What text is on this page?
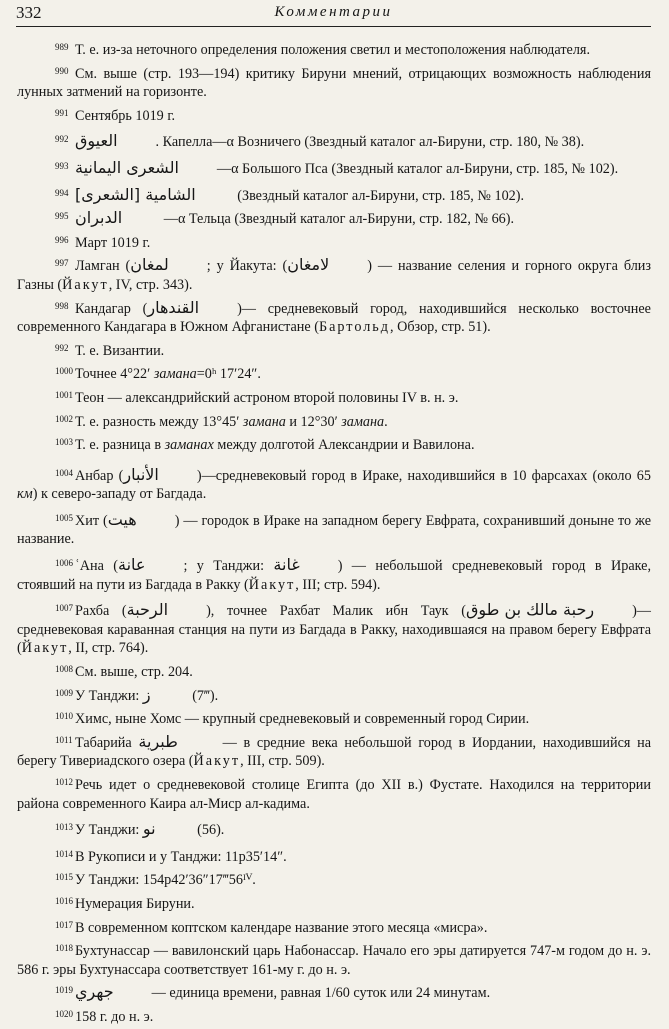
332	Комментарии

989 Т. е. из-за неточного определения положения светил и местоположения наблюдателя.

990 См. выше (стр. 193—194) критику Бируни мнений, отрицающих возможность наблюдения лунных затмений на горизонте.

991 Сентябрь 1019 г.

992 العيوق	. Капелла—α Возничего (Звездный каталог ал-Бируни, стр. 180, № 38).

993 الشعرى اليمانية	—α Большого Пса (Звездный каталог ал-Бируни, стр. 185, № 102).

994 الشامية [الشعرى]	(Звездный каталог ал-Бируни, стр. 185, № 102).

995 الدبران	—α Тельца (Звездный каталог ал-Бируни, стр. 182, № 66).

996 Март 1019 г.

997 Ламган (لمغان	; у Йакута: (لامغان	) — название селения и горного округа близ Газны (Йакут, IV, стр. 343).

998 Кандагар (القندهار	)— средневековый город, находившийся несколько восточнее современного Кандагара в Южном Афганистане (Бартольд, Обзор, стр. 51).

992 Т. е. Византии.

1000 Точнее 4°22′ замана=0ʰ 17′24″.

1001 Теон — александрийский астроном второй половины IV в. н. э.

1002 Т. е. разность между 13°45′ замана и 12°30′ замана.

1003 Т. е. разница в заманах между долготой Александрии и Вавилона.

1004 Анбар (الأنبار	)—средневековый город в Ираке, находившийся в 10 фарсахах (около 65 км) к северо-западу от Багдада.

1005 Хит (هيت	) — городок в Ираке на западном берегу Евфрата, сохранивший доныне то же название.

1006 ʿАна (عانة	; у Танджи: غانة	) — небольшой средневековый город в Ираке, стоявший на пути из Багдада в Ракку (Йакут, III; стр. 594).

1007 Рахба (الرحبة	), точнее Рахбат Малик ибн Таук (رحبة مالك بن طوق	)—средневековая караванная станция на пути из Багдада в Ракку, находившаяся на правом берегу Евфрата (Йакут, II, стр. 764).

1008 См. выше, стр. 204.

1009 У Танджи: ز	(7‴).

1010 Химс, ныне Хомс — крупный средневековый и современный город Сирии.

1011 Табарийа طبرية	— в средние века небольшой город в Иордании, находившийся на берегу Тивериадского озера (Йакут, III, стр. 509).

1012 Речь идет о средневековой столице Египта (до XII в.) Фустате. Находился на территории района современного Каира ал-Миср ал-кадима.

1013 У Танджи: نو	(56).

1014 В Рукописи и у Танджи: 11р35′14″.

1015 У Танджи: 154р42′36″17‴56ᴵⱽ.

1016 Нумерация Бируни.

1017 В современном коптском календаре название этого месяца «мисра».

1018 Бухтунассар — вавилонский царь Набонассар. Начало его эры датируется 747-м годом до н. э. 586 г. эры Бухтунассара соответствует 161-му г. до н. э.

1019 جهري	— единица времени, равная 1/60 суток или 24 минутам.

1020 158 г. до н. э.
